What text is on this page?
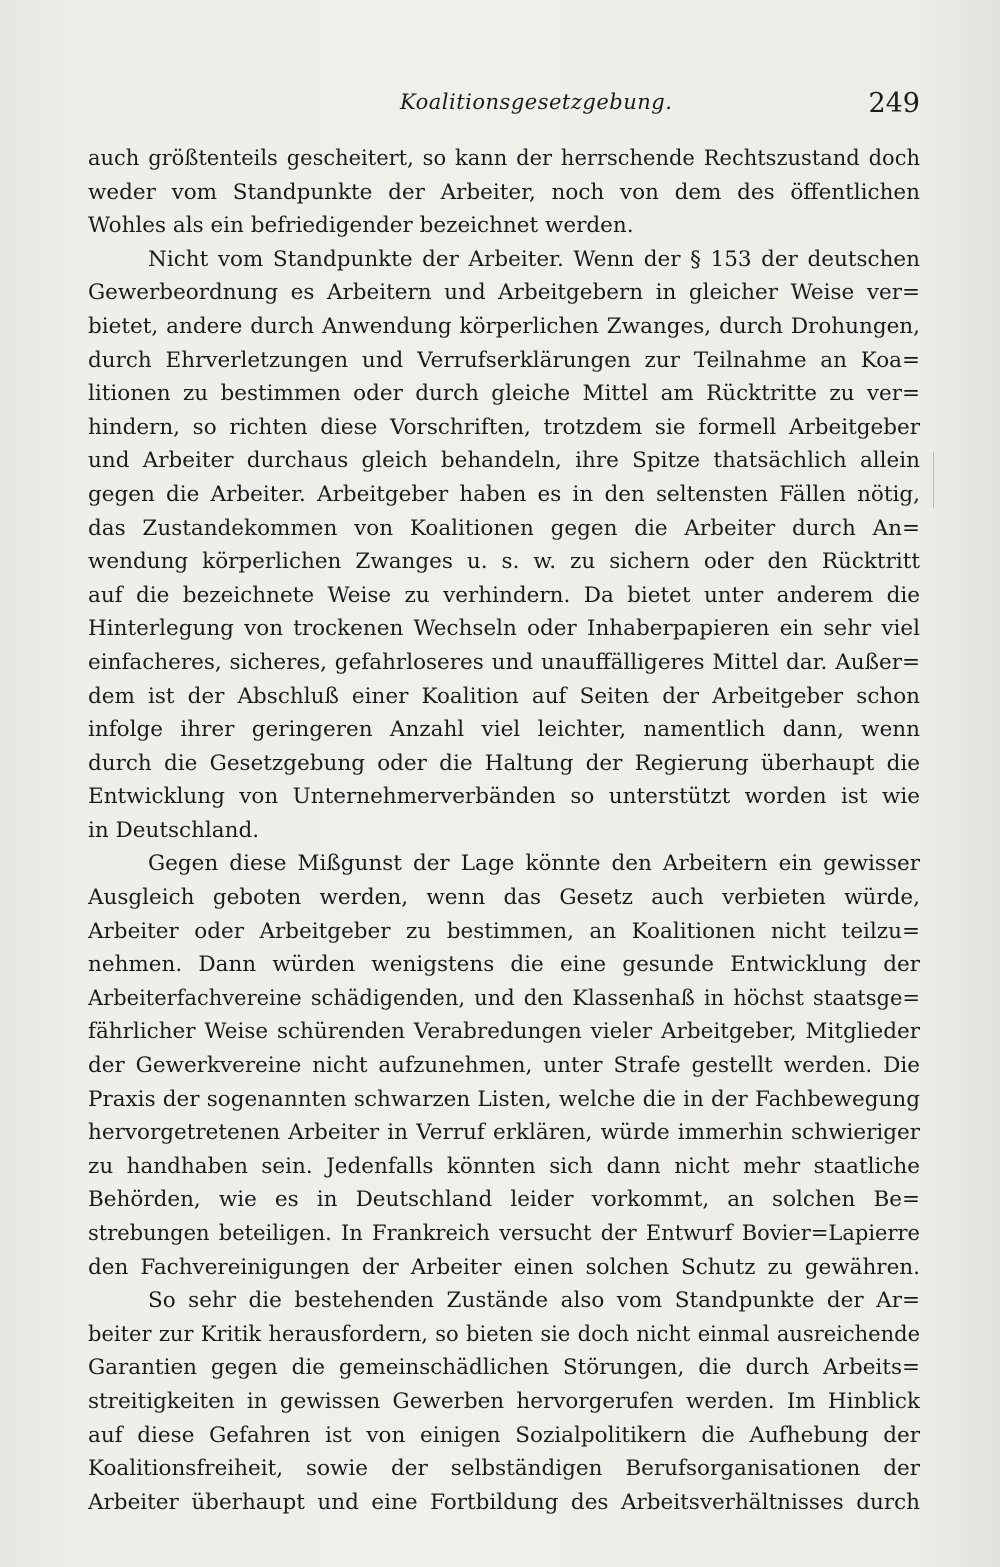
Koalitionsgesetzgebung.	249
auch größtenteils gescheitert, so kann der herrschende Rechtszustand doch
weder vom Standpunkte der Arbeiter, noch von dem des öffentlichen
Wohles als ein befriedigender bezeichnet werden.
Nicht vom Standpunkte der Arbeiter. Wenn der § 153 der deutschen
Gewerbeordnung es Arbeitern und Arbeitgebern in gleicher Weise ver=
bietet, andere durch Anwendung körperlichen Zwanges, durch Drohungen,
durch Ehrverletzungen und Verrufserklärungen zur Teilnahme an Koa=
litionen zu bestimmen oder durch gleiche Mittel am Rücktritte zu ver=
hindern, so richten diese Vorschriften, trotzdem sie formell Arbeitgeber
und Arbeiter durchaus gleich behandeln, ihre Spitze thatsächlich allein
gegen die Arbeiter. Arbeitgeber haben es in den seltensten Fällen nötig,
das Zustandekommen von Koalitionen gegen die Arbeiter durch An=
wendung körperlichen Zwanges u. s. w. zu sichern oder den Rücktritt
auf die bezeichnete Weise zu verhindern. Da bietet unter anderem die
Hinterlegung von trockenen Wechseln oder Inhaberpapieren ein sehr viel
einfacheres, sicheres, gefahrloseres und unauffälligeres Mittel dar. Außer=
dem ist der Abschluß einer Koalition auf Seiten der Arbeitgeber schon
infolge ihrer geringeren Anzahl viel leichter, namentlich dann, wenn
durch die Gesetzgebung oder die Haltung der Regierung überhaupt die
Entwicklung von Unternehmerverbänden so unterstützt worden ist wie
in Deutschland.
Gegen diese Mißgunst der Lage könnte den Arbeitern ein gewisser
Ausgleich geboten werden, wenn das Gesetz auch verbieten würde,
Arbeiter oder Arbeitgeber zu bestimmen, an Koalitionen nicht teilzu=
nehmen. Dann würden wenigstens die eine gesunde Entwicklung der
Arbeiterfachvereine schädigenden, und den Klassenhaß in höchst staatsge=
fährlicher Weise schürenden Verabredungen vieler Arbeitgeber, Mitglieder
der Gewerkvereine nicht aufzunehmen, unter Strafe gestellt werden. Die
Praxis der sogenannten schwarzen Listen, welche die in der Fachbewegung
hervorgetretenen Arbeiter in Verruf erklären, würde immerhin schwieriger
zu handhaben sein. Jedenfalls könnten sich dann nicht mehr staatliche
Behörden, wie es in Deutschland leider vorkommt, an solchen Be=
strebungen beteiligen. In Frankreich versucht der Entwurf Bovier=Lapierre
den Fachvereinigungen der Arbeiter einen solchen Schutz zu gewähren.
So sehr die bestehenden Zustände also vom Standpunkte der Ar=
beiter zur Kritik herausfordern, so bieten sie doch nicht einmal ausreichende
Garantien gegen die gemeinschädlichen Störungen, die durch Arbeits=
streitigkeiten in gewissen Gewerben hervorgerufen werden. Im Hinblick
auf diese Gefahren ist von einigen Sozialpolitikern die Aufhebung der
Koalitionsfreiheit, sowie der selbständigen Berufsorganisationen der
Arbeiter überhaupt und eine Fortbildung des Arbeitsverhältnisses durch
